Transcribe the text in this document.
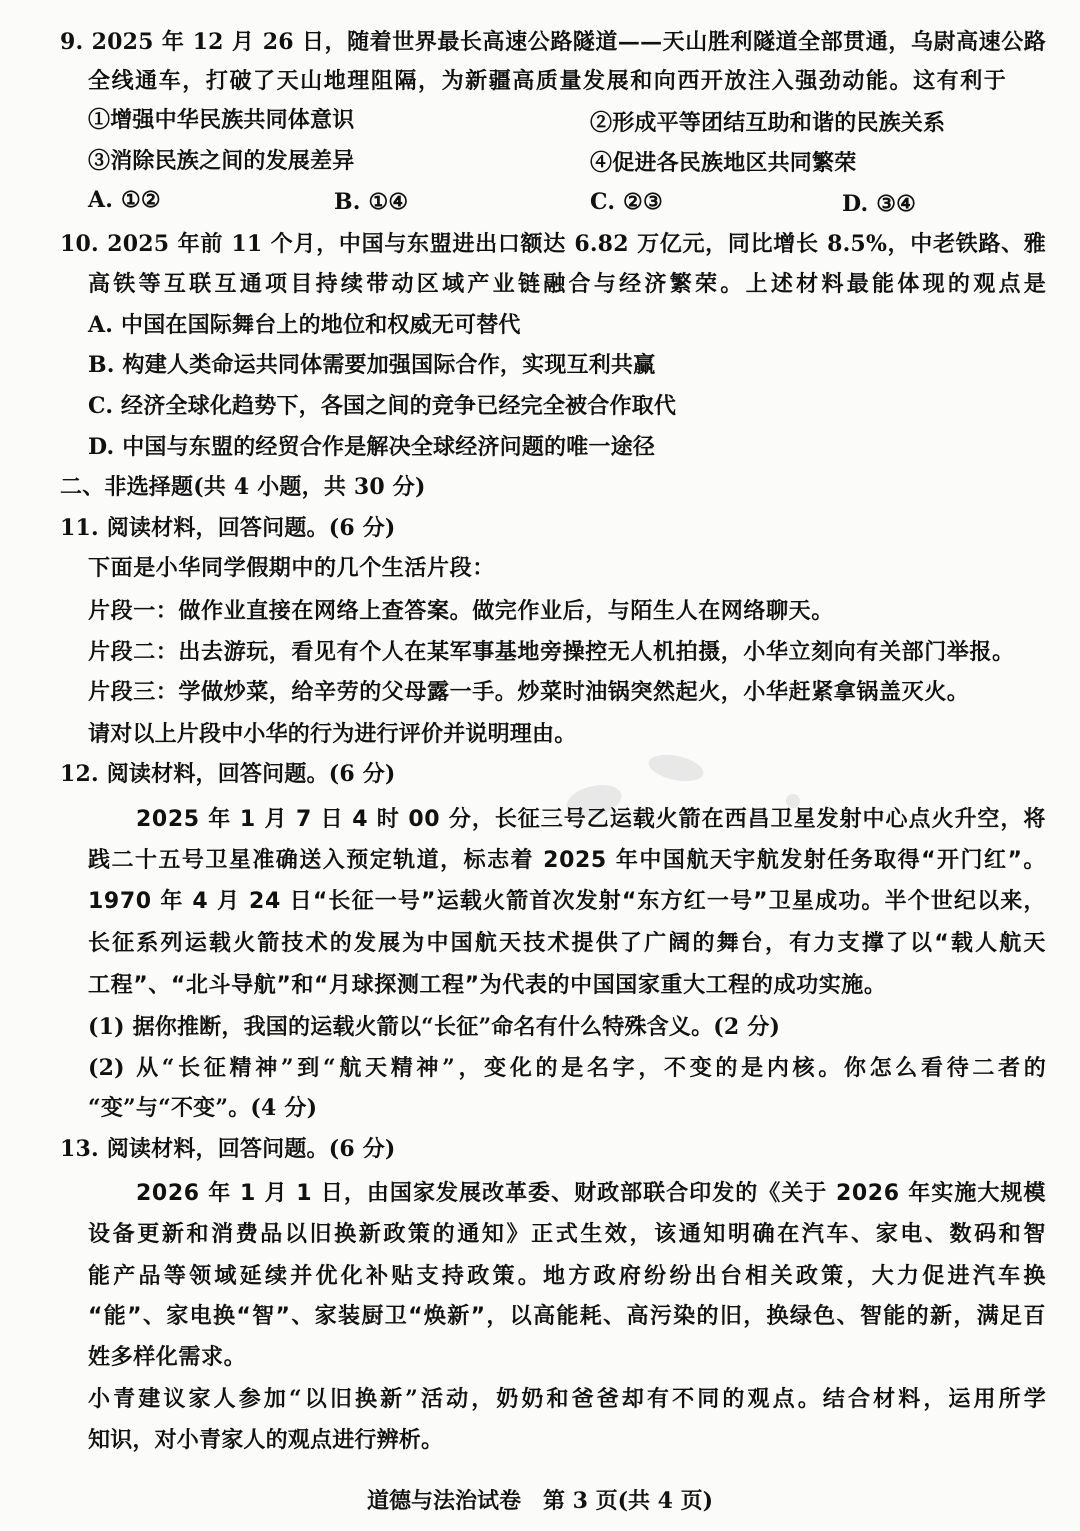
9. 2025 年 12 月 26 日，随着世界最长高速公路隧道——天山胜利隧道全部贯通，乌尉高速公路
全线通车，打破了天山地理阻隔，为新疆高质量发展和向西开放注入强劲动能。这有利于
①增强中华民族共同体意识	②形成平等团结互助和谐的民族关系
③消除民族之间的发展差异	④促进各民族地区共同繁荣
A. ①②	B. ①④	C. ②③	D. ③④
10. 2025 年前 11 个月，中国与东盟进出口额达 6.82 万亿元，同比增长 8.5%，中老铁路、雅
高铁等互联互通项目持续带动区域产业链融合与经济繁荣。上述材料最能体现的观点是
A. 中国在国际舞台上的地位和权威无可替代
B. 构建人类命运共同体需要加强国际合作，实现互利共赢
C. 经济全球化趋势下，各国之间的竞争已经完全被合作取代
D. 中国与东盟的经贸合作是解决全球经济问题的唯一途径
二、非选择题(共 4 小题，共 30 分)
11. 阅读材料，回答问题。(6 分)
下面是小华同学假期中的几个生活片段：
片段一：做作业直接在网络上查答案。做完作业后，与陌生人在网络聊天。
片段二：出去游玩，看见有个人在某军事基地旁操控无人机拍摄，小华立刻向有关部门举报。
片段三：学做炒菜，给辛劳的父母露一手。炒菜时油锅突然起火，小华赶紧拿锅盖灭火。
请对以上片段中小华的行为进行评价并说明理由。
12. 阅读材料，回答问题。(6 分)
2025 年 1 月 7 日 4 时 00 分，长征三号乙运载火箭在西昌卫星发射中心点火升空，将
践二十五号卫星准确送入预定轨道，标志着 2025 年中国航天宇航发射任务取得“开门红”。
1970 年 4 月 24 日“长征一号”运载火箭首次发射“东方红一号”卫星成功。半个世纪以来，
长征系列运载火箭技术的发展为中国航天技术提供了广阔的舞台，有力支撑了以“载人航天
工程”、“北斗导航”和“月球探测工程”为代表的中国国家重大工程的成功实施。
(1) 据你推断，我国的运载火箭以“长征”命名有什么特殊含义。(2 分)
(2) 从“长征精神”到“航天精神”，变化的是名字，不变的是内核。你怎么看待二者的
“变”与“不变”。(4 分)
13. 阅读材料，回答问题。(6 分)
2026 年 1 月 1 日，由国家发展改革委、财政部联合印发的《关于 2026 年实施大规模
设备更新和消费品以旧换新政策的通知》正式生效，该通知明确在汽车、家电、数码和智
能产品等领域延续并优化补贴支持政策。地方政府纷纷出台相关政策，大力促进汽车换
“能”、家电换“智”、家装厨卫“焕新”，以高能耗、高污染的旧，换绿色、智能的新，满足百
姓多样化需求。
小青建议家人参加“以旧换新”活动，奶奶和爸爸却有不同的观点。结合材料，运用所学
知识，对小青家人的观点进行辨析。
道德与法治试卷　第 3 页(共 4 页)
